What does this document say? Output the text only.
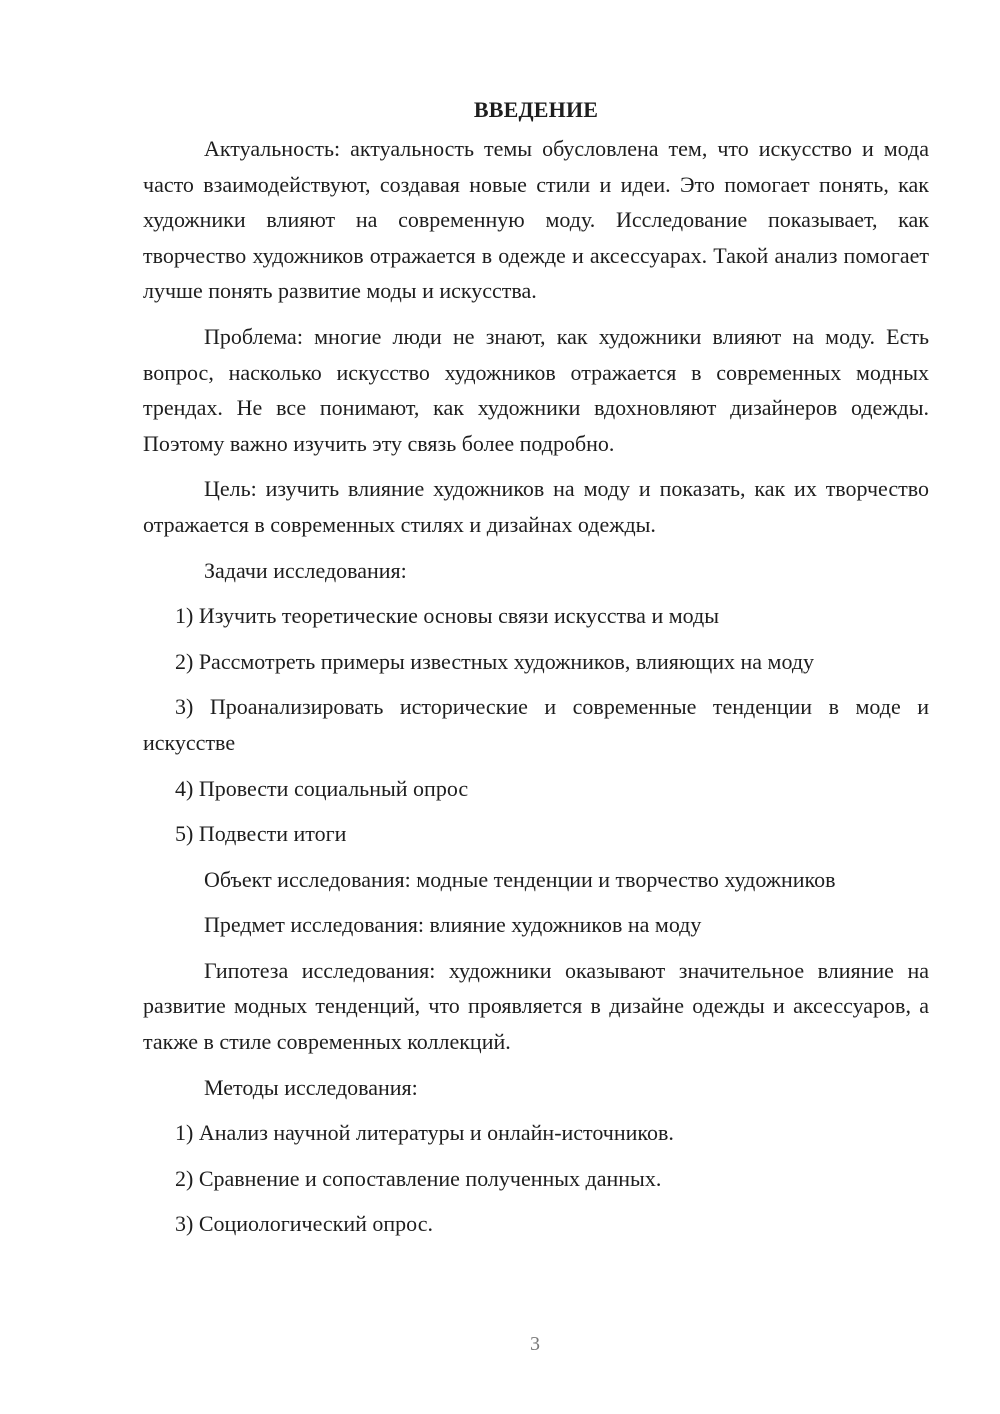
ВВЕДЕНИЕ

Актуальность: актуальность темы обусловлена тем, что искусство и мода часто взаимодействуют, создавая новые стили и идеи. Это помогает понять, как художники влияют на современную моду. Исследование показывает, как творчество художников отражается в одежде и аксессуарах. Такой анализ помогает лучше понять развитие моды и искусства.

Проблема: многие люди не знают, как художники влияют на моду. Есть вопрос, насколько искусство художников отражается в современных модных трендах. Не все понимают, как художники вдохновляют дизайнеров одежды. Поэтому важно изучить эту связь более подробно.

Цель: изучить влияние художников на моду и показать, как их творчество отражается в современных стилях и дизайнах одежды.

Задачи исследования:
1) Изучить теоретические основы связи искусства и моды
2) Рассмотреть примеры известных художников, влияющих на моду
3) Проанализировать исторические и современные тенденции в моде и искусстве
4) Провести социальный опрос
5) Подвести итоги
Объект исследования: модные тенденции и творчество художников
Предмет исследования: влияние художников на моду

Гипотеза исследования: художники оказывают значительное влияние на развитие модных тенденций, что проявляется в дизайне одежды и аксессуаров, а также в стиле современных коллекций.

Методы исследования:
1) Анализ научной литературы и онлайн-источников.
2) Сравнение и сопоставление полученных данных.
3) Социологический опрос.
3
